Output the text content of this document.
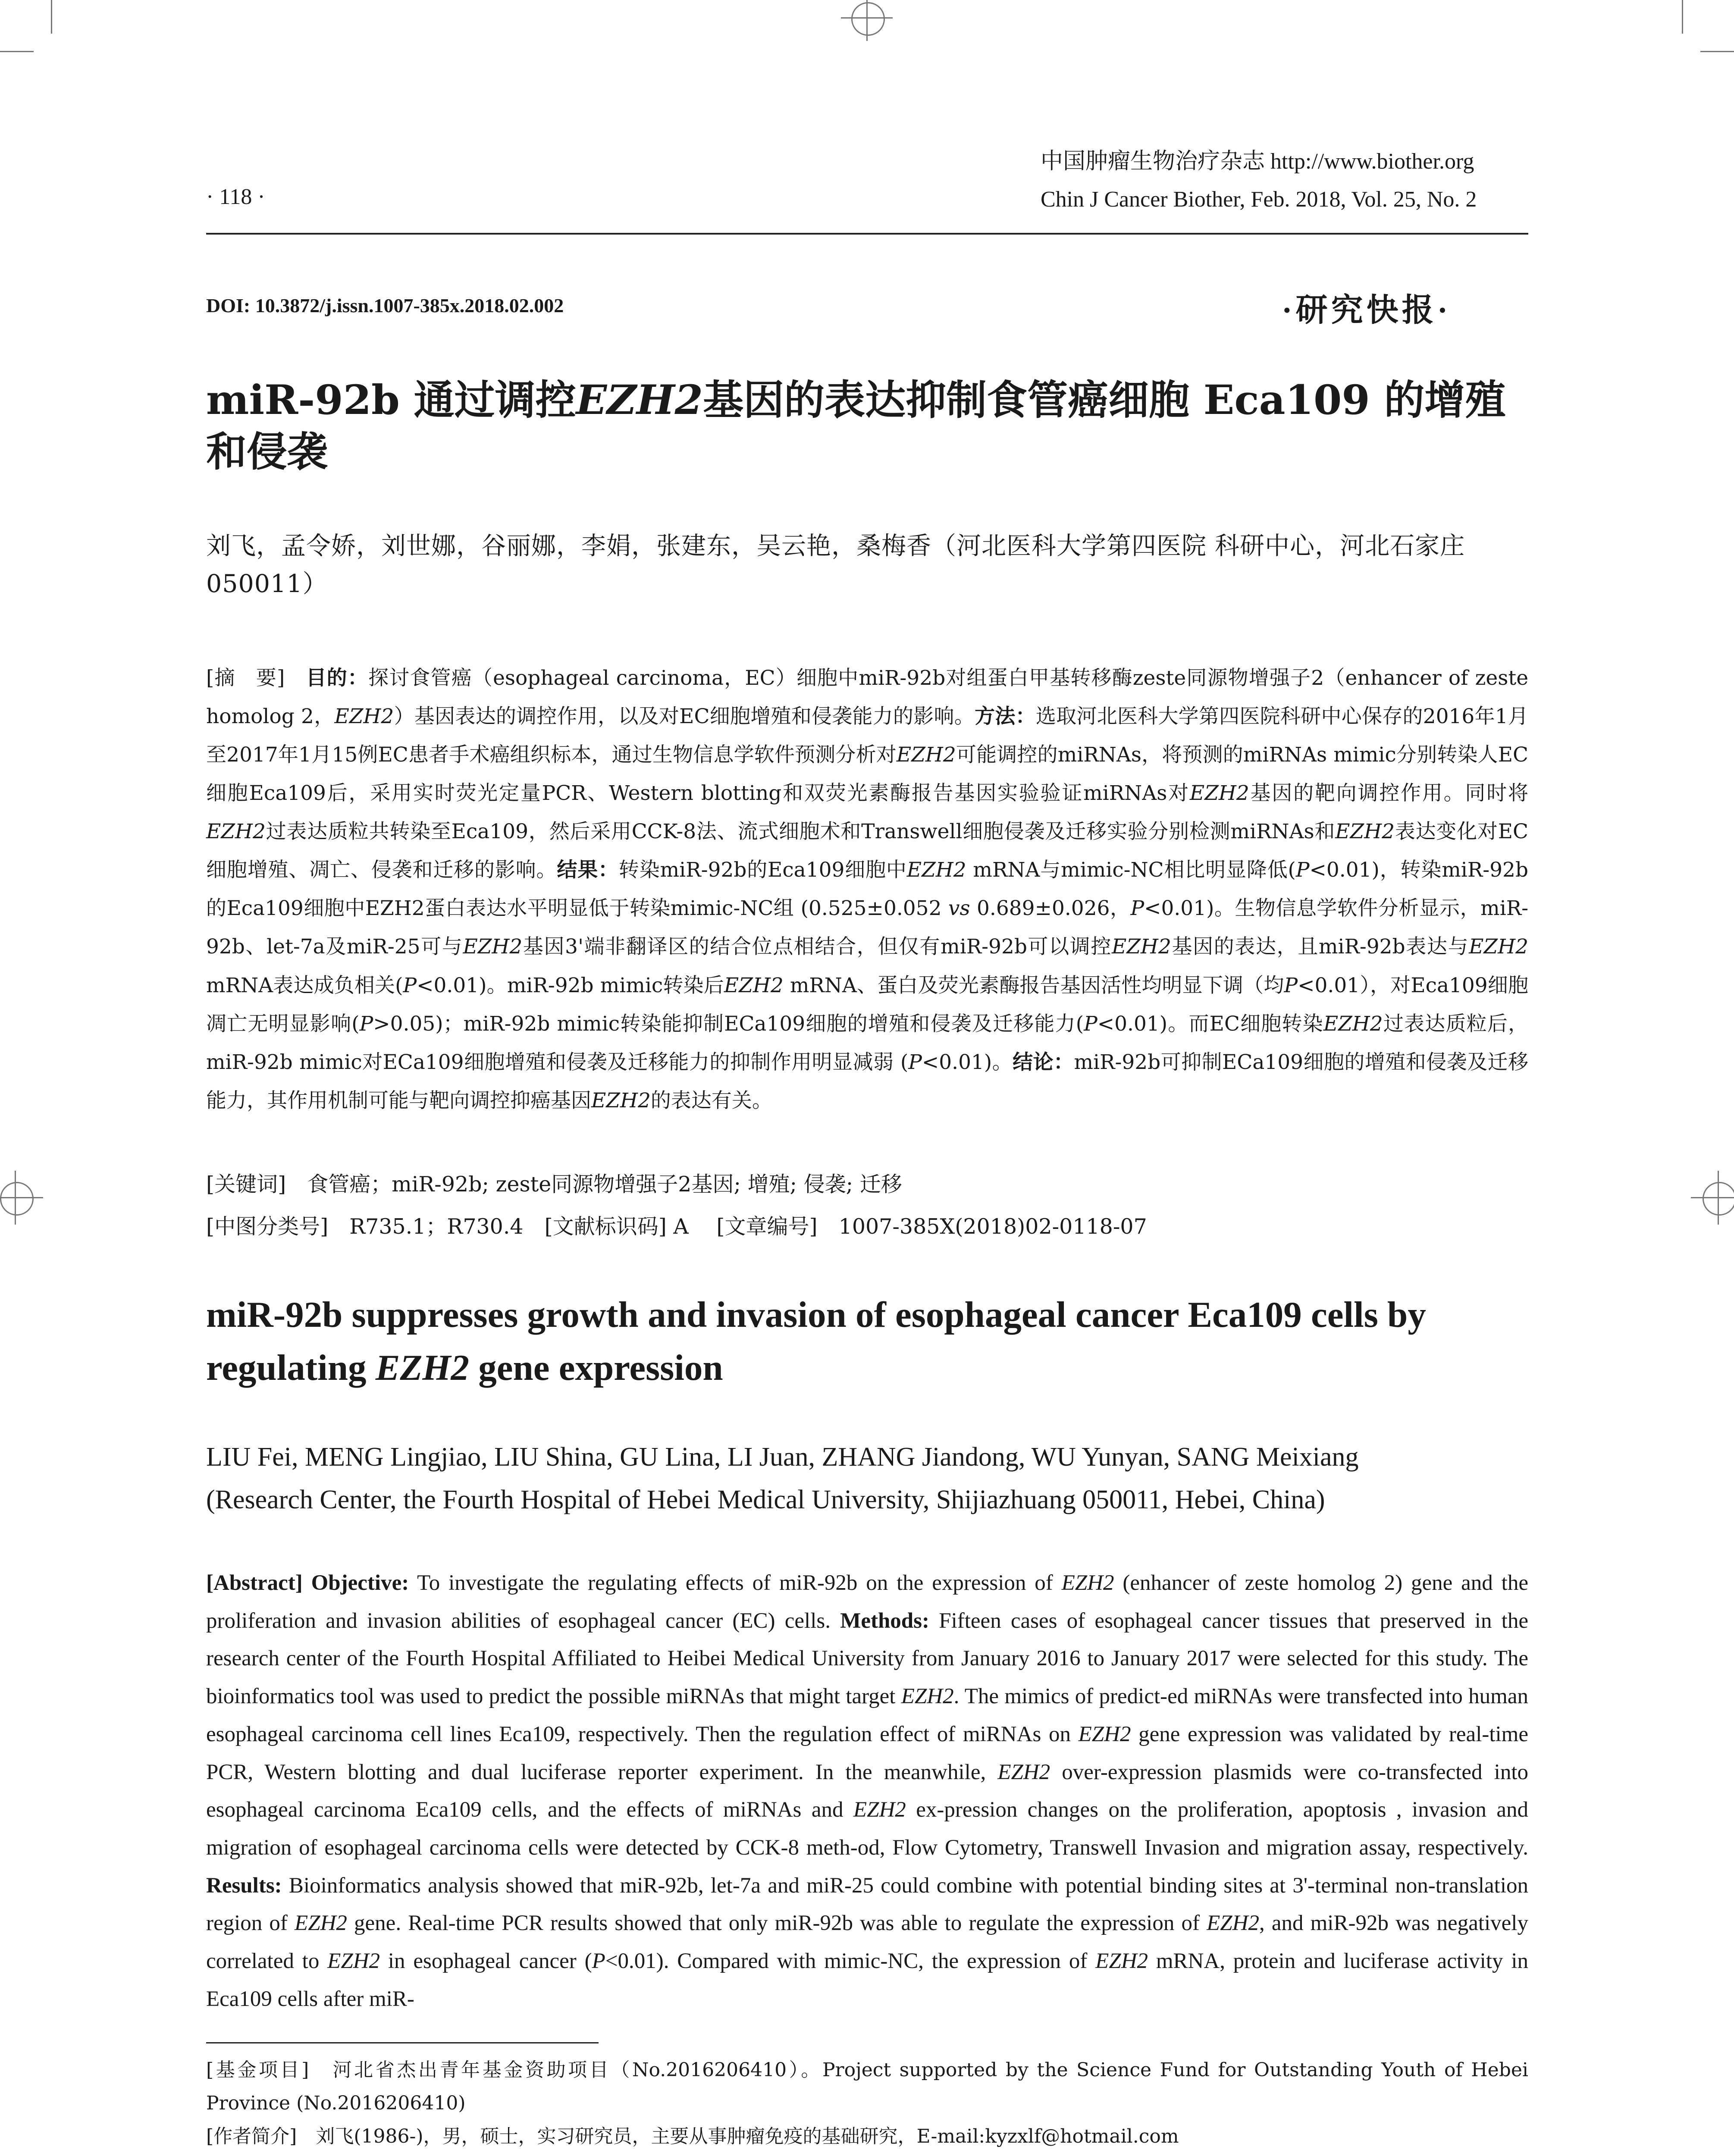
中国肿瘤生物治疗杂志 http://www.biother.org
· 118 ·	Chin J Cancer Biother, Feb. 2018, Vol. 25, No. 2
DOI: 10.3872/j.issn.1007-385x.2018.02.002	·研究快报·
miR-92b 通过调控EZH2基因的表达抑制食管癌细胞 Eca109 的增殖和侵袭
刘飞，孟令娇，刘世娜，谷丽娜，李娟，张建东，吴云艳，桑梅香（河北医科大学第四医院 科研中心，河北石家庄 050011）
[摘　要]　 目的：探讨食管癌（esophageal carcinoma，EC）细胞中miR-92b对组蛋白甲基转移酶zeste同源物增强子2（enhancer of zeste homolog 2，EZH2）基因表达的调控作用，以及对EC细胞增殖和侵袭能力的影响。方法：选取河北医科大学第四医院科研中心保存的2016年1月至2017年1月15例EC患者手术癌组织标本，通过生物信息学软件预测分析对EZH2可能调控的miRNAs，将预测的miRNAs mimic分别转染人EC细胞Eca109后，采用实时荧光定量PCR、Western blotting和双荧光素酶报告基因实验验证miRNAs对EZH2基因的靶向调控作用。同时将EZH2过表达质粒共转染至Eca109，然后采用CCK-8法、流式细胞术和Transwell细胞侵袭及迁移实验分别检测miRNAs和EZH2表达变化对EC细胞增殖、凋亡、侵袭和迁移的影响。结果：转染miR-92b的Eca109细胞中EZH2 mRNA与mimic-NC相比明显降低(P<0.01)，转染miR-92b的Eca109细胞中EZH2蛋白表达水平明显低于转染mimic-NC组 (0.525±0.052 vs 0.689±0.026，P<0.01)。生物信息学软件分析显示，miR-92b、let-7a及miR-25可与EZH2基因3'端非翻译区的结合位点相结合，但仅有miR-92b可以调控EZH2基因的表达，且miR-92b表达与EZH2 mRNA表达成负相关(P<0.01)。miR-92b mimic转染后EZH2 mRNA、蛋白及荧光素酶报告基因活性均明显下调（均P<0.01），对Eca109细胞凋亡无明显影响(P>0.05)；miR-92b mimic转染能抑制ECa109细胞的增殖和侵袭及迁移能力(P<0.01)。而EC细胞转染EZH2过表达质粒后，miR-92b mimic对ECa109细胞增殖和侵袭及迁移能力的抑制作用明显减弱 (P<0.01)。结论：miR-92b可抑制ECa109细胞的增殖和侵袭及迁移能力，其作用机制可能与靶向调控抑癌基因EZH2的表达有关。
[关键词]　 食管癌；miR-92b; zeste同源物增强子2基因; 增殖; 侵袭; 迁移
[中图分类号]　 R735.1；R730.4　 [文献标识码] A　 [文章编号]　 1007-385X(2018)02-0118-07
miR-92b suppresses growth and invasion of esophageal cancer Eca109 cells by regulating EZH2 gene expression
LIU Fei, MENG Lingjiao, LIU Shina, GU Lina, LI Juan, ZHANG Jiandong, WU Yunyan, SANG Meixiang
(Research Center, the Fourth Hospital of Hebei Medical University, Shijiazhuang 050011, Hebei, China)
[Abstract] Objective: To investigate the regulating effects of miR-92b on the expression of EZH2 (enhancer of zeste homolog 2) gene and the proliferation and invasion abilities of esophageal cancer (EC) cells. Methods: Fifteen cases of esophageal cancer tissues that preserved in the research center of the Fourth Hospital Affiliated to Heibei Medical University from January 2016 to January 2017 were selected for this study. The bioinformatics tool was used to predict the possible miRNAs that might target EZH2. The mimics of predict-ed miRNAs were transfected into human esophageal carcinoma cell lines Eca109, respectively. Then the regulation effect of miRNAs on EZH2 gene expression was validated by real-time PCR, Western blotting and dual luciferase reporter experiment. In the meanwhile, EZH2 over-expression plasmids were co-transfected into esophageal carcinoma Eca109 cells, and the effects of miRNAs and EZH2 ex-pression changes on the proliferation, apoptosis , invasion and migration of esophageal carcinoma cells were detected by CCK-8 meth-od, Flow Cytometry, Transwell Invasion and migration assay, respectively. Results: Bioinformatics analysis showed that miR-92b, let-7a and miR-25 could combine with potential binding sites at 3'-terminal non-translation region of EZH2 gene. Real-time PCR results showed that only miR-92b was able to regulate the expression of EZH2, and miR-92b was negatively correlated to EZH2 in esophageal cancer (P<0.01). Compared with mimic-NC, the expression of EZH2 mRNA, protein and luciferase activity in Eca109 cells after miR-
[基金项目]　 河北省杰出青年基金资助项目（No.2016206410）。Project supported by the Science Fund for Outstanding Youth of Hebei Province (No.2016206410)
[作者简介]　 刘飞(1986-)，男，硕士，实习研究员，主要从事肿瘤免疫的基础研究，E-mail:kyzxlf@hotmail.com
